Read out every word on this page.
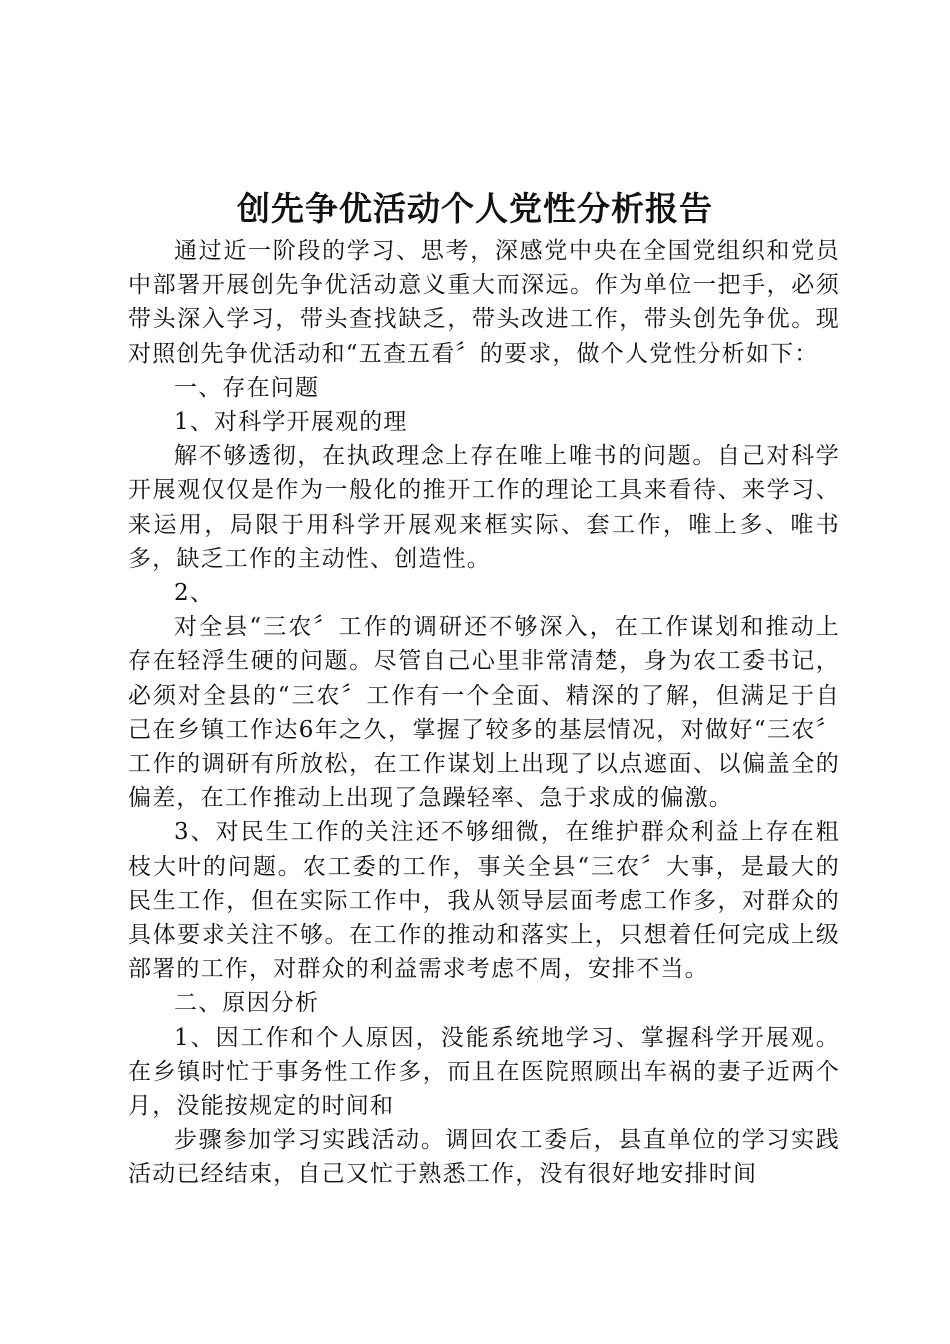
创先争优活动个人党性分析报告

通过近一阶段的学习、思考，深感党中央在全国党组织和党员中部署开展创先争优活动意义重大而深远。作为单位一把手，必须带头深入学习，带头查找缺乏，带头改进工作，带头创先争优。现对照创先争优活动和“五查五看〞的要求，做个人党性分析如下：

一、存在问题

1、对科学开展观的理

解不够透彻，在执政理念上存在唯上唯书的问题。自己对科学开展观仅仅是作为一般化的推开工作的理论工具来看待、来学习、来运用，局限于用科学开展观来框实际、套工作，唯上多、唯书多，缺乏工作的主动性、创造性。

2、

对全县“三农〞工作的调研还不够深入，在工作谋划和推动上存在轻浮生硬的问题。尽管自己心里非常清楚，身为农工委书记，必须对全县的“三农〞工作有一个全面、精深的了解，但满足于自己在乡镇工作达6年之久，掌握了较多的基层情况，对做好“三农〞工作的调研有所放松，在工作谋划上出现了以点遮面、以偏盖全的偏差，在工作推动上出现了急躁轻率、急于求成的偏激。

3、对民生工作的关注还不够细微，在维护群众利益上存在粗枝大叶的问题。农工委的工作，事关全县“三农〞大事，是最大的民生工作，但在实际工作中，我从领导层面考虑工作多，对群众的具体要求关注不够。在工作的推动和落实上，只想着任何完成上级部署的工作，对群众的利益需求考虑不周，安排不当。

二、原因分析

1、因工作和个人原因，没能系统地学习、掌握科学开展观。在乡镇时忙于事务性工作多，而且在医院照顾出车祸的妻子近两个月，没能按规定的时间和

步骤参加学习实践活动。调回农工委后，县直单位的学习实践活动已经结束，自己又忙于熟悉工作，没有很好地安排时间
